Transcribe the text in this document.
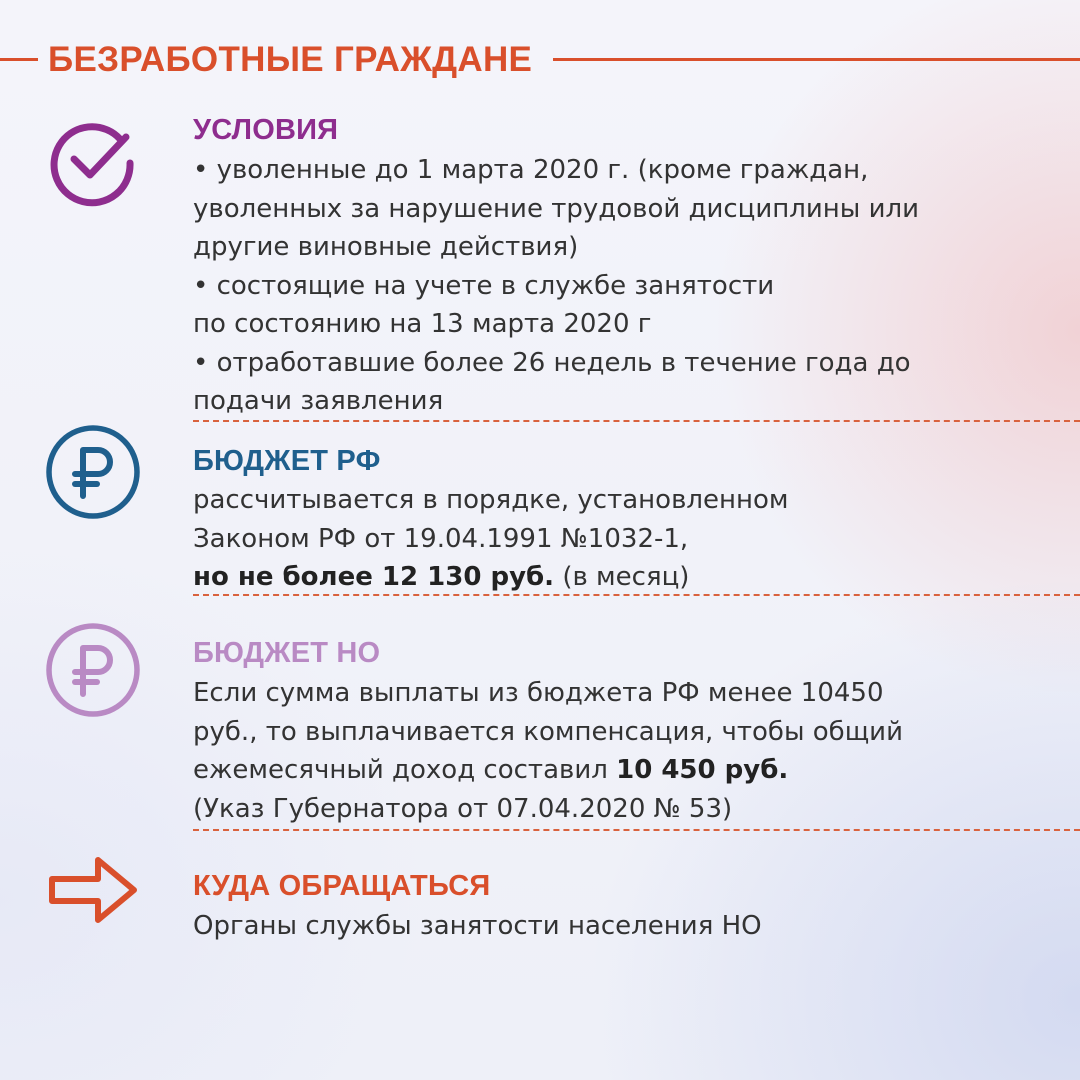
БЕЗРАБОТНЫЕ ГРАЖДАНЕ
УСЛОВИЯ
• уволенные до 1 марта 2020 г. (кроме граждан,
уволенных за нарушение трудовой дисциплины или
другие виновные действия)
• состоящие на учете в службе занятости
по состоянию на 13 марта 2020 г
• отработавшие более 26 недель в течение года до
подачи заявления
БЮДЖЕТ РФ
рассчитывается в порядке, установленном
Законом РФ от 19.04.1991 №1032-1,
но не более 12 130 руб. (в месяц)
БЮДЖЕТ НО
Если сумма выплаты из бюджета РФ менее 10450
руб., то выплачивается компенсация, чтобы общий
ежемесячный доход составил 10 450 руб.
(Указ Губернатора от 07.04.2020 № 53)
КУДА ОБРАЩАТЬСЯ
Органы службы занятости населения НО
